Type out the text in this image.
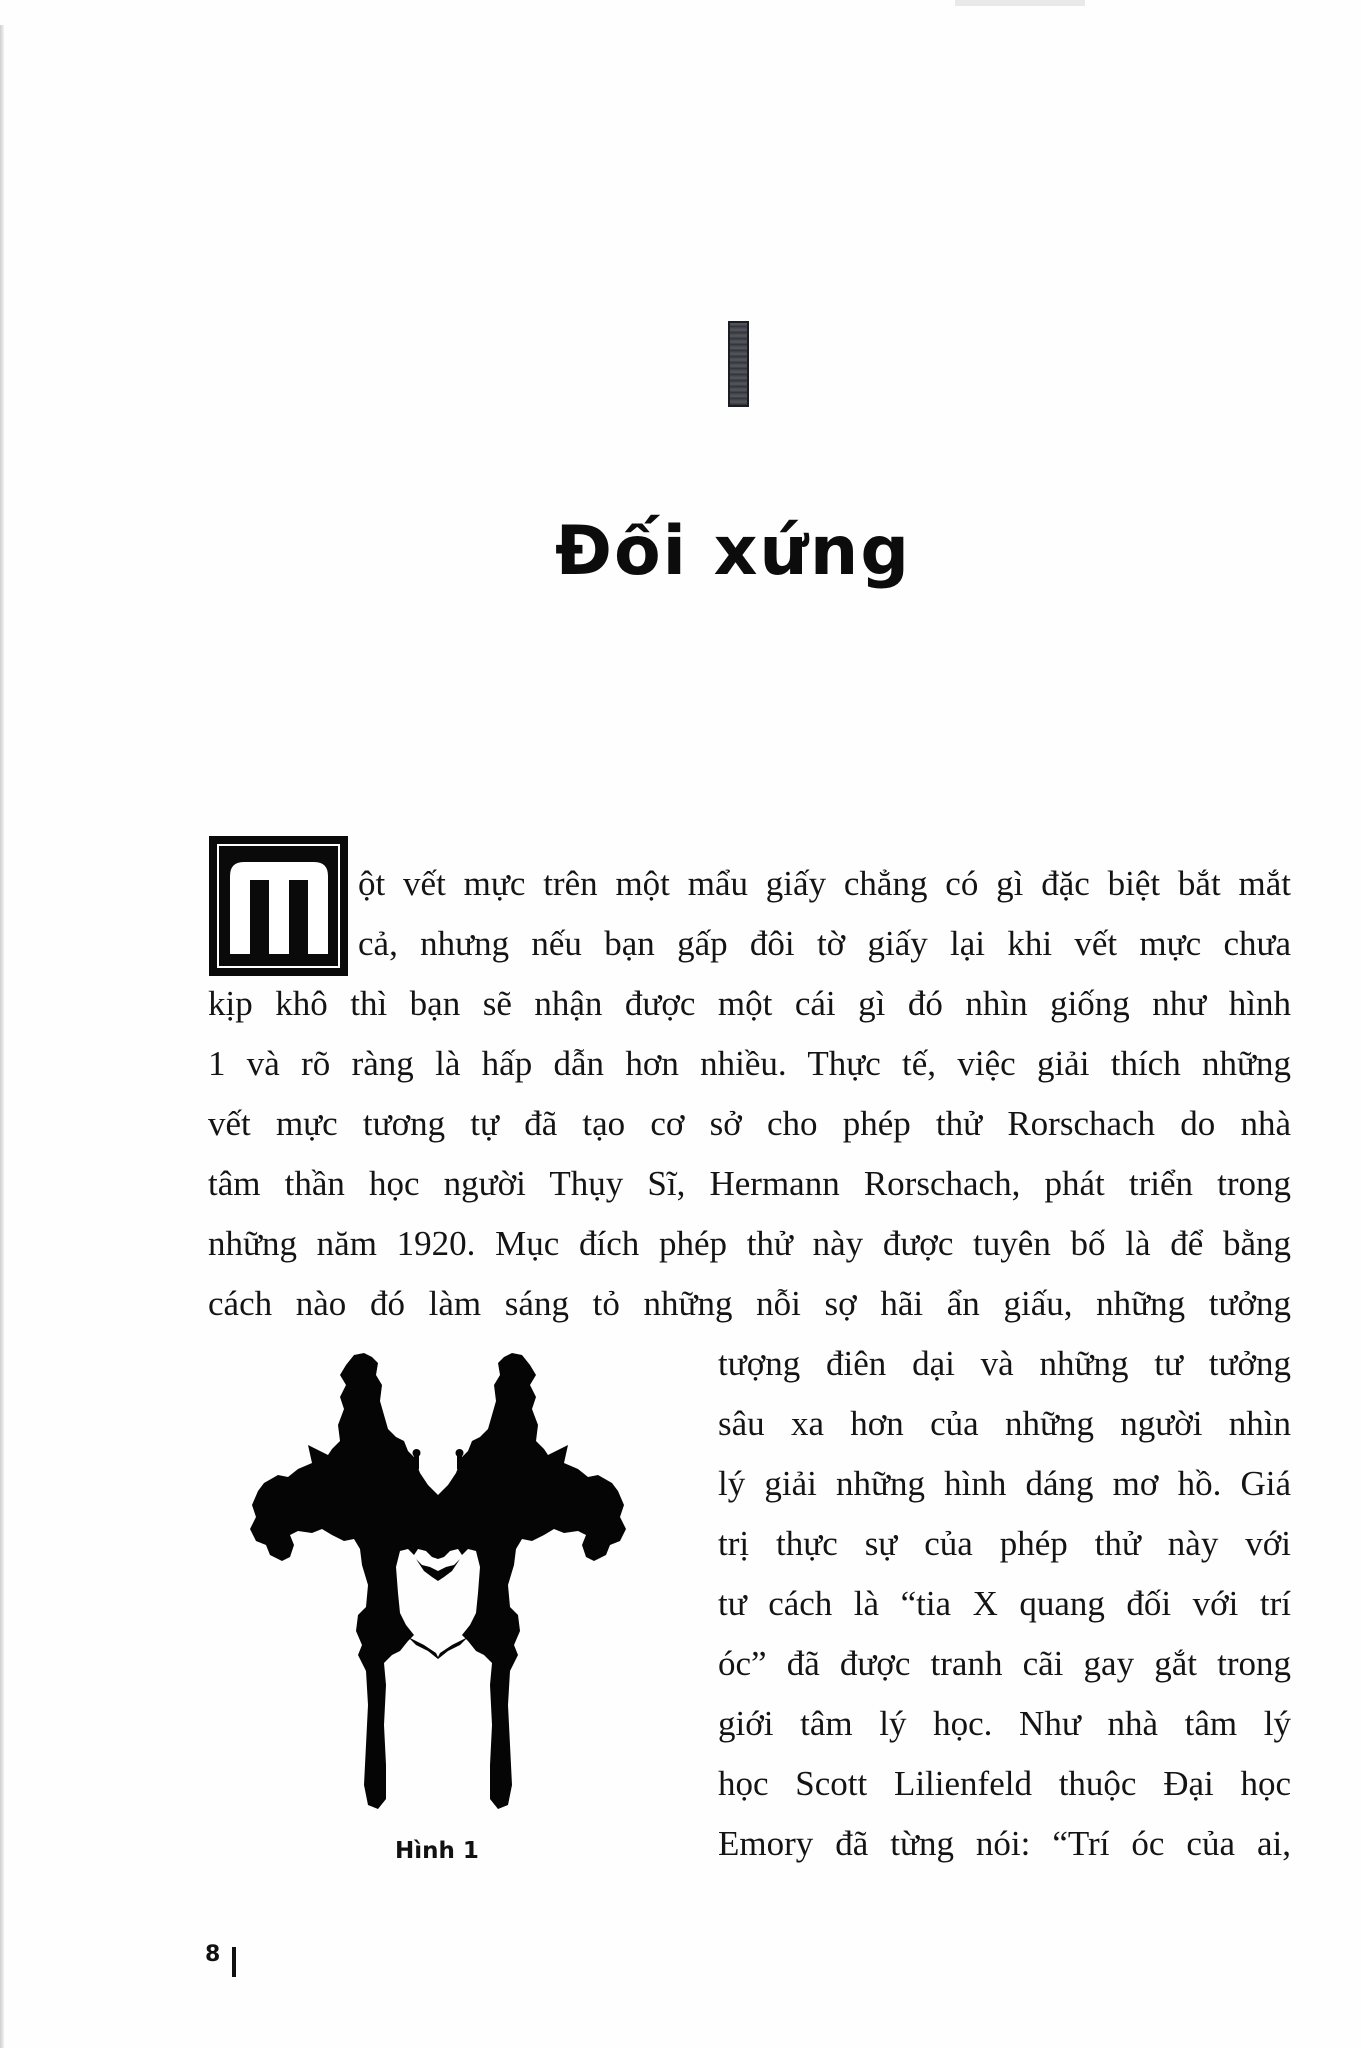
Đối xứng
ột vết mực trên một mẩu giấy chẳng có gì đặc biệt bắt mắt
cả, nhưng nếu bạn gấp đôi tờ giấy lại khi vết mực chưa
kịp khô thì bạn sẽ nhận được một cái gì đó nhìn giống như hình
1 và rõ ràng là hấp dẫn hơn nhiều. Thực tế, việc giải thích những
vết mực tương tự đã tạo cơ sở cho phép thử Rorschach do nhà
tâm thần học người Thụy Sĩ, Hermann Rorschach, phát triển trong
những năm 1920. Mục đích phép thử này được tuyên bố là để bằng
cách nào đó làm sáng tỏ những nỗi sợ hãi ẩn giấu, những tưởng
tượng điên dại và những tư tưởng
sâu xa hơn của những người nhìn
lý giải những hình dáng mơ hồ. Giá
trị thực sự của phép thử này với
tư cách là “tia X quang đối với trí
óc” đã được tranh cãi gay gắt trong
giới tâm lý học. Như nhà tâm lý
học Scott Lilienfeld thuộc Đại học
Emory đã từng nói: “Trí óc của ai,
Hình 1
8
